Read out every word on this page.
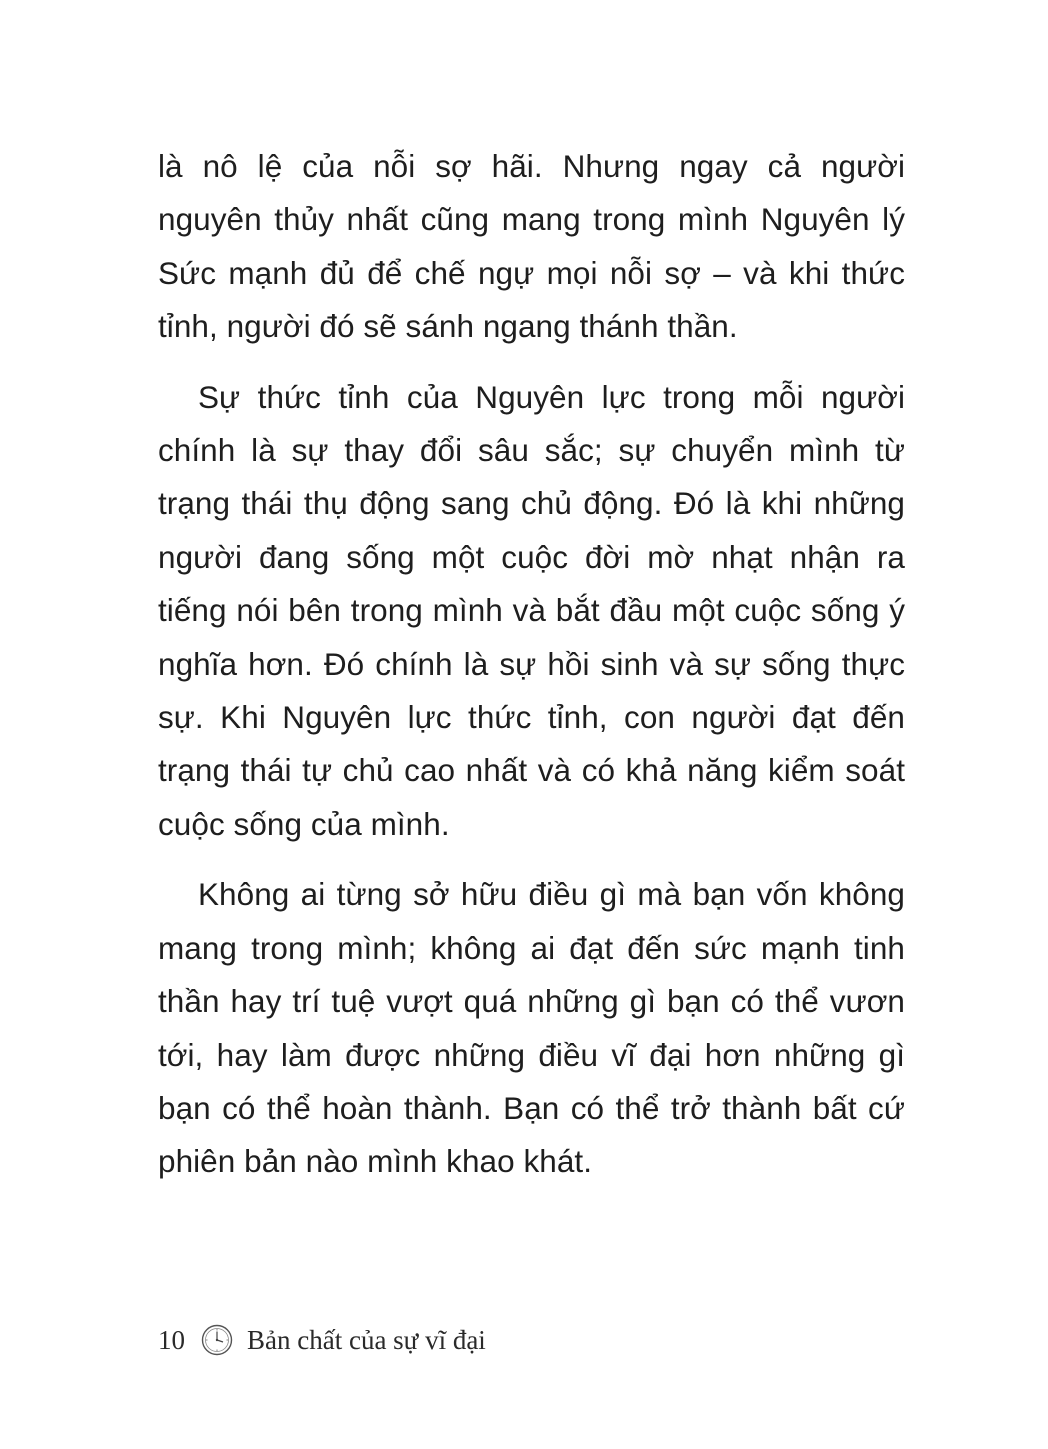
là nô lệ của nỗi sợ hãi. Nhưng ngay cả người nguyên thủy nhất cũng mang trong mình Nguyên lý Sức mạnh đủ để chế ngự mọi nỗi sợ – và khi thức tỉnh, người đó sẽ sánh ngang thánh thần.

Sự thức tỉnh của Nguyên lực trong mỗi người chính là sự thay đổi sâu sắc; sự chuyển mình từ trạng thái thụ động sang chủ động. Đó là khi những người đang sống một cuộc đời mờ nhạt nhận ra tiếng nói bên trong mình và bắt đầu một cuộc sống ý nghĩa hơn. Đó chính là sự hồi sinh và sự sống thực sự. Khi Nguyên lực thức tỉnh, con người đạt đến trạng thái tự chủ cao nhất và có khả năng kiểm soát cuộc sống của mình.

Không ai từng sở hữu điều gì mà bạn vốn không mang trong mình; không ai đạt đến sức mạnh tinh thần hay trí tuệ vượt quá những gì bạn có thể vươn tới, hay làm được những điều vĩ đại hơn những gì bạn có thể hoàn thành. Bạn có thể trở thành bất cứ phiên bản nào mình khao khát.

10 Bản chất của sự vĩ đại
